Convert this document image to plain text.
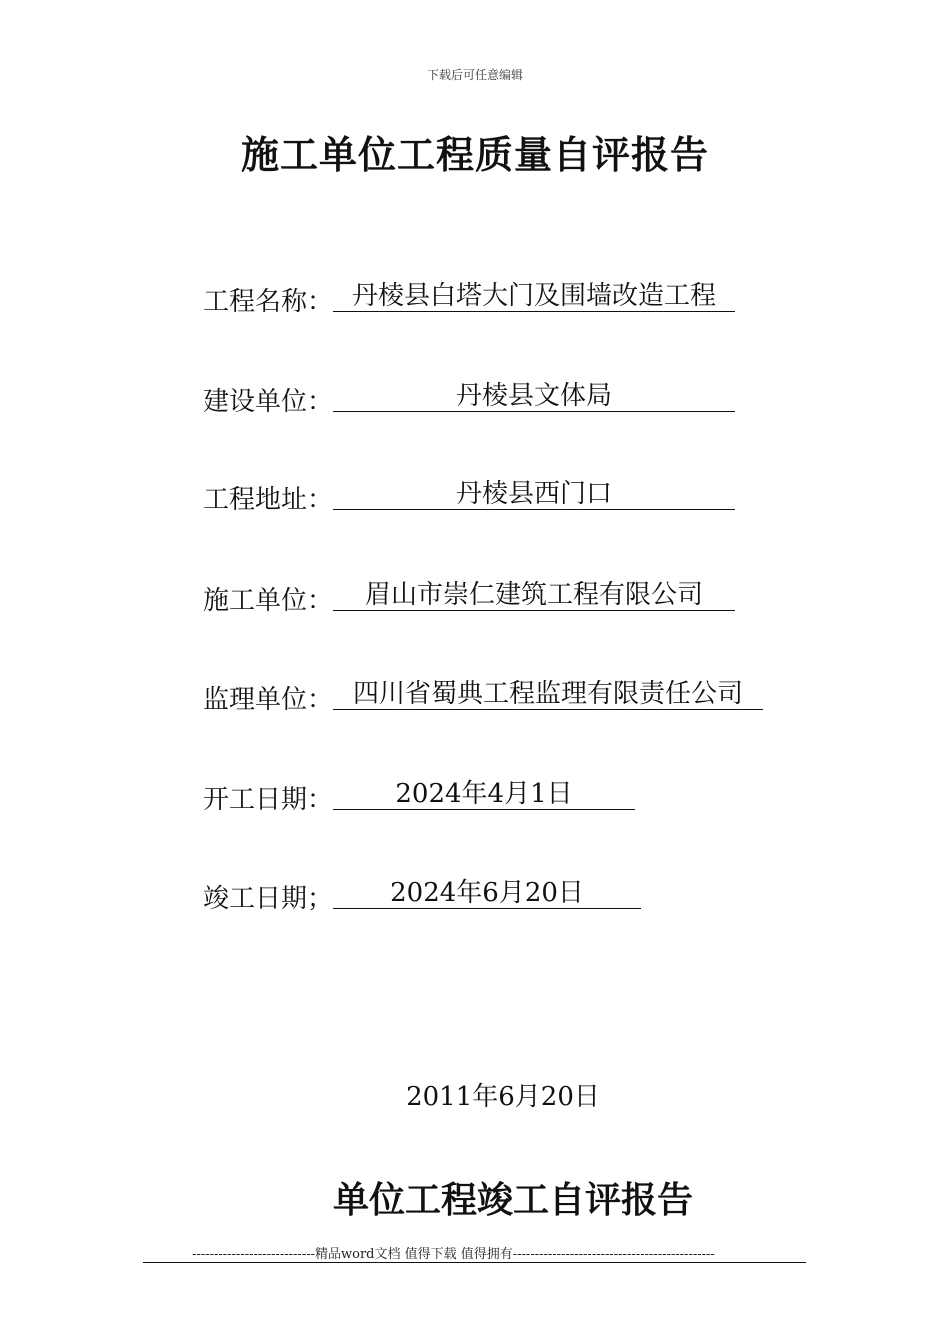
下载后可任意编辑
施工单位工程质量自评报告
工程名称： 丹棱县白塔大门及围墙改造工程
建设单位：	丹棱县文体局
工程地址：	丹棱县西门口
施工单位： 眉山市崇仁建筑工程有限公司
监理单位： 四川省蜀典工程监理有限责任公司
开工日期： 2024年4月1日
竣工日期； 2024年6月20日
2011年6月20日
单位工程竣工自评报告
----------------------------精品word文档 值得下载 值得拥有----------------------------------------------
